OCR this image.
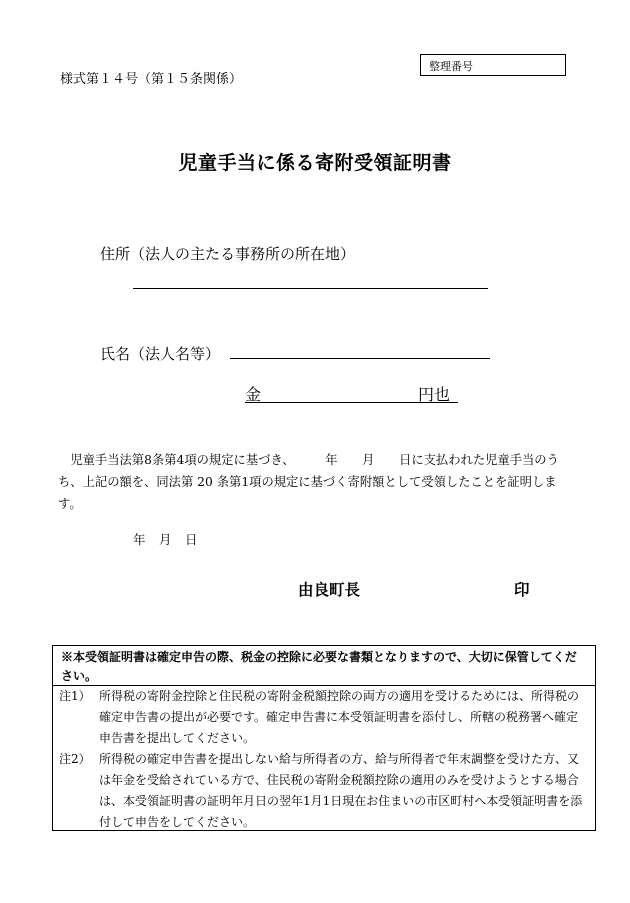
様式第１４号（第１５条関係）
整理番号
児童手当に係る寄附受領証明書
住所（法人の主たる事務所の所在地）
氏名（法人名等）
金	円也
　児童手当法第8条第4項の規定に基づき、　　　年　　月　　日に支払われた児童手当のうち、上記の額を、同法第 20 条第1項の規定に基づく寄附額として受領したことを証明します。
年　月　日
由良町長	印
※本受領証明書は確定申告の際、税金の控除に必要な書類となりますので、大切に保管してください。
注1） 所得税の寄附金控除と住民税の寄附金税額控除の両方の適用を受けるためには、所得税の確定申告書の提出が必要です。確定申告書に本受領証明書を添付し、所轄の税務署へ確定申告書を提出してください。
注2） 所得税の確定申告書を提出しない給与所得者の方、給与所得者で年末調整を受けた方、又は年金を受給されている方で、住民税の寄附金税額控除の適用のみを受けようとする場合は、本受領証明書の証明年月日の翌年1月1日現在お住まいの市区町村へ本受領証明書を添付して申告をしてください。
